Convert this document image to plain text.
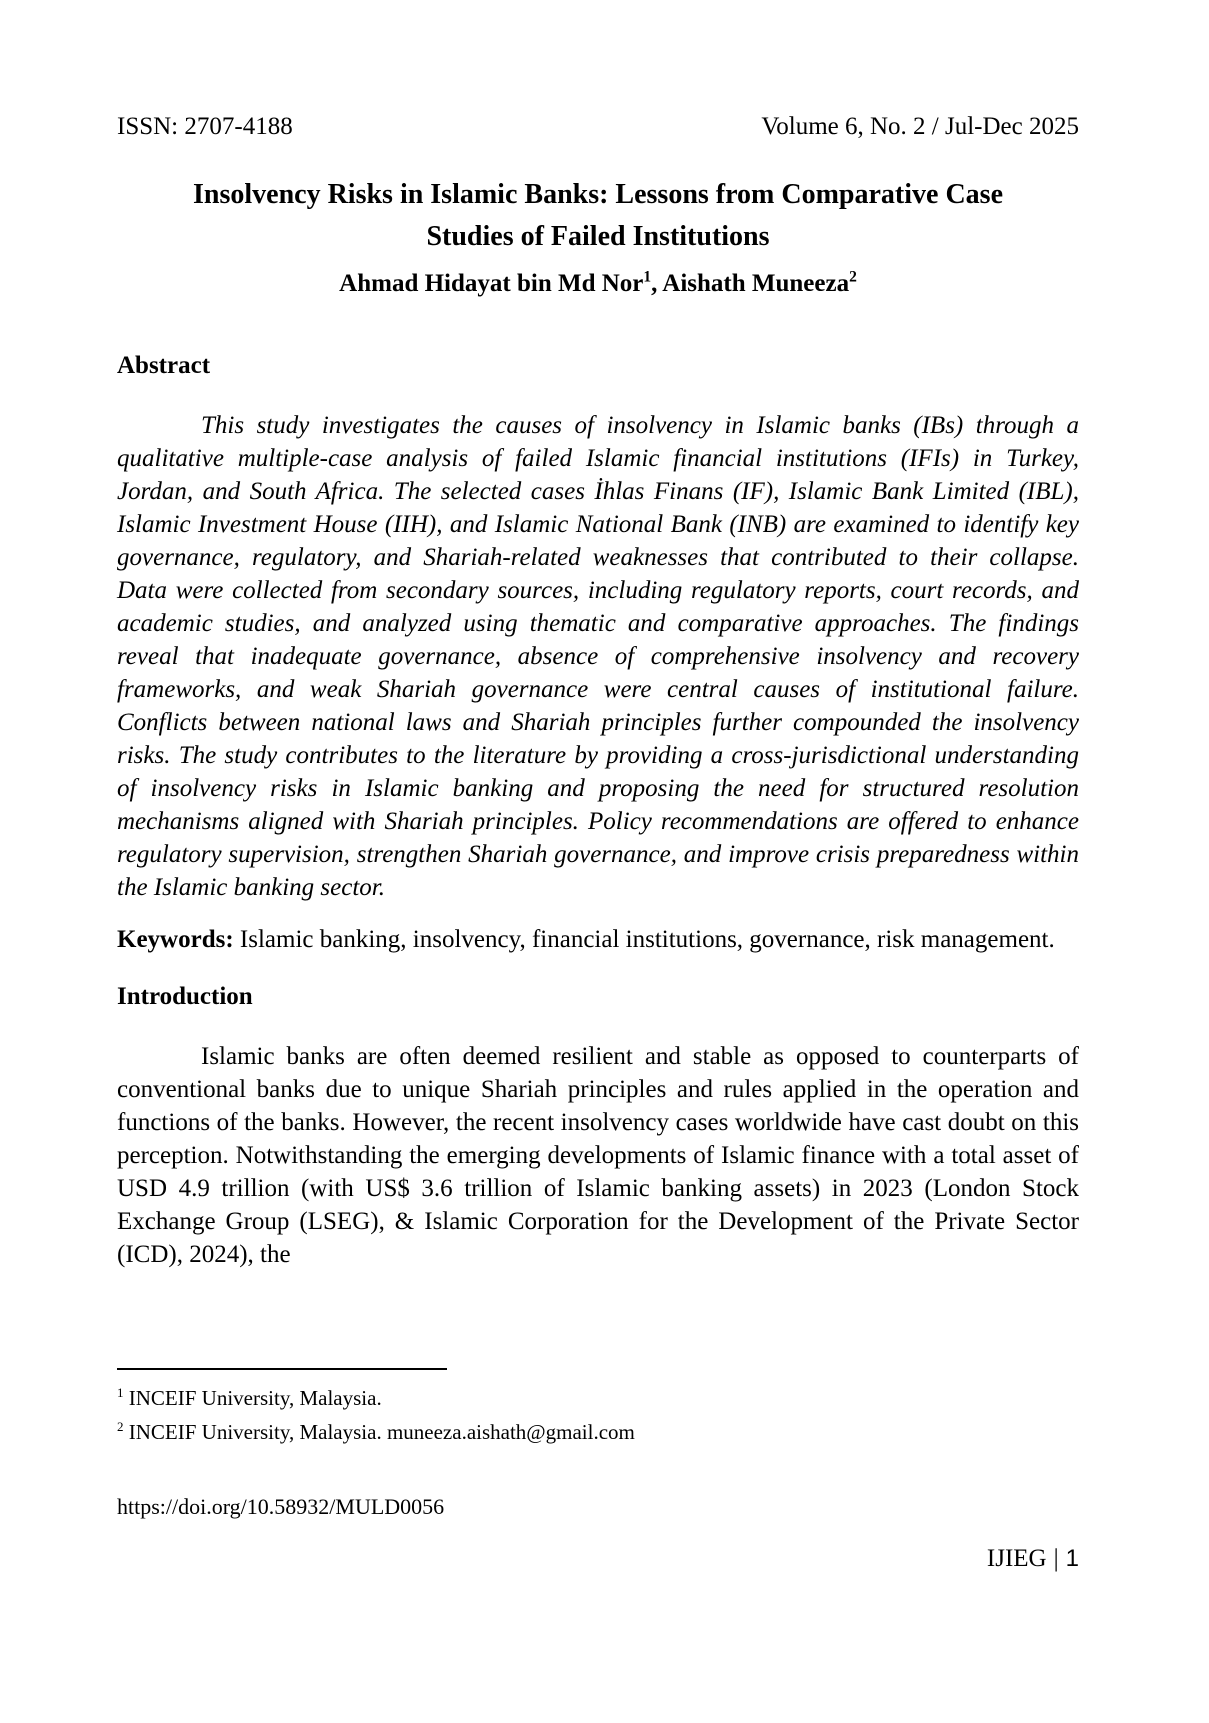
ISSN: 2707-4188	Volume 6, No. 2 / Jul-Dec 2025
Insolvency Risks in Islamic Banks: Lessons from Comparative Case
Studies of Failed Institutions
Ahmad Hidayat bin Md Nor$^1$, Aishath Muneeza$^2$
Abstract

This study investigates the causes of insolvency in Islamic banks (IBs) through a qualitative multiple-case analysis of failed Islamic financial institutions (IFIs) in Turkey, Jordan, and South Africa. The selected cases İhlas Finans (IF), Islamic Bank Limited (IBL), Islamic Investment House (IIH), and Islamic National Bank (INB) are examined to identify key governance, regulatory, and Shariah-related weaknesses that contributed to their collapse. Data were collected from secondary sources, including regulatory reports, court records, and academic studies, and analyzed using thematic and comparative approaches. The findings reveal that inadequate governance, absence of comprehensive insolvency and recovery frameworks, and weak Shariah governance were central causes of institutional failure. Conflicts between national laws and Shariah principles further compounded the insolvency risks. The study contributes to the literature by providing a cross-jurisdictional understanding of insolvency risks in Islamic banking and proposing the need for structured resolution mechanisms aligned with Shariah principles. Policy recommendations are offered to enhance regulatory supervision, strengthen Shariah governance, and improve crisis preparedness within the Islamic banking sector.

Keywords: Islamic banking, insolvency, financial institutions, governance, risk management.

Introduction

Islamic banks are often deemed resilient and stable as opposed to counterparts of conventional banks due to unique Shariah principles and rules applied in the operation and functions of the banks. However, the recent insolvency cases worldwide have cast doubt on this perception. Notwithstanding the emerging developments of Islamic finance with a total asset of USD 4.9 trillion (with US$ 3.6 trillion of Islamic banking assets) in 2023 (London Stock Exchange Group (LSEG), & Islamic Corporation for the Development of the Private Sector (ICD), 2024), the

$^1$ INCEIF University, Malaysia.
$^2$ INCEIF University, Malaysia. muneeza.aishath@gmail.com
https://doi.org/10.58932/MULD0056
IJIEG | 1
